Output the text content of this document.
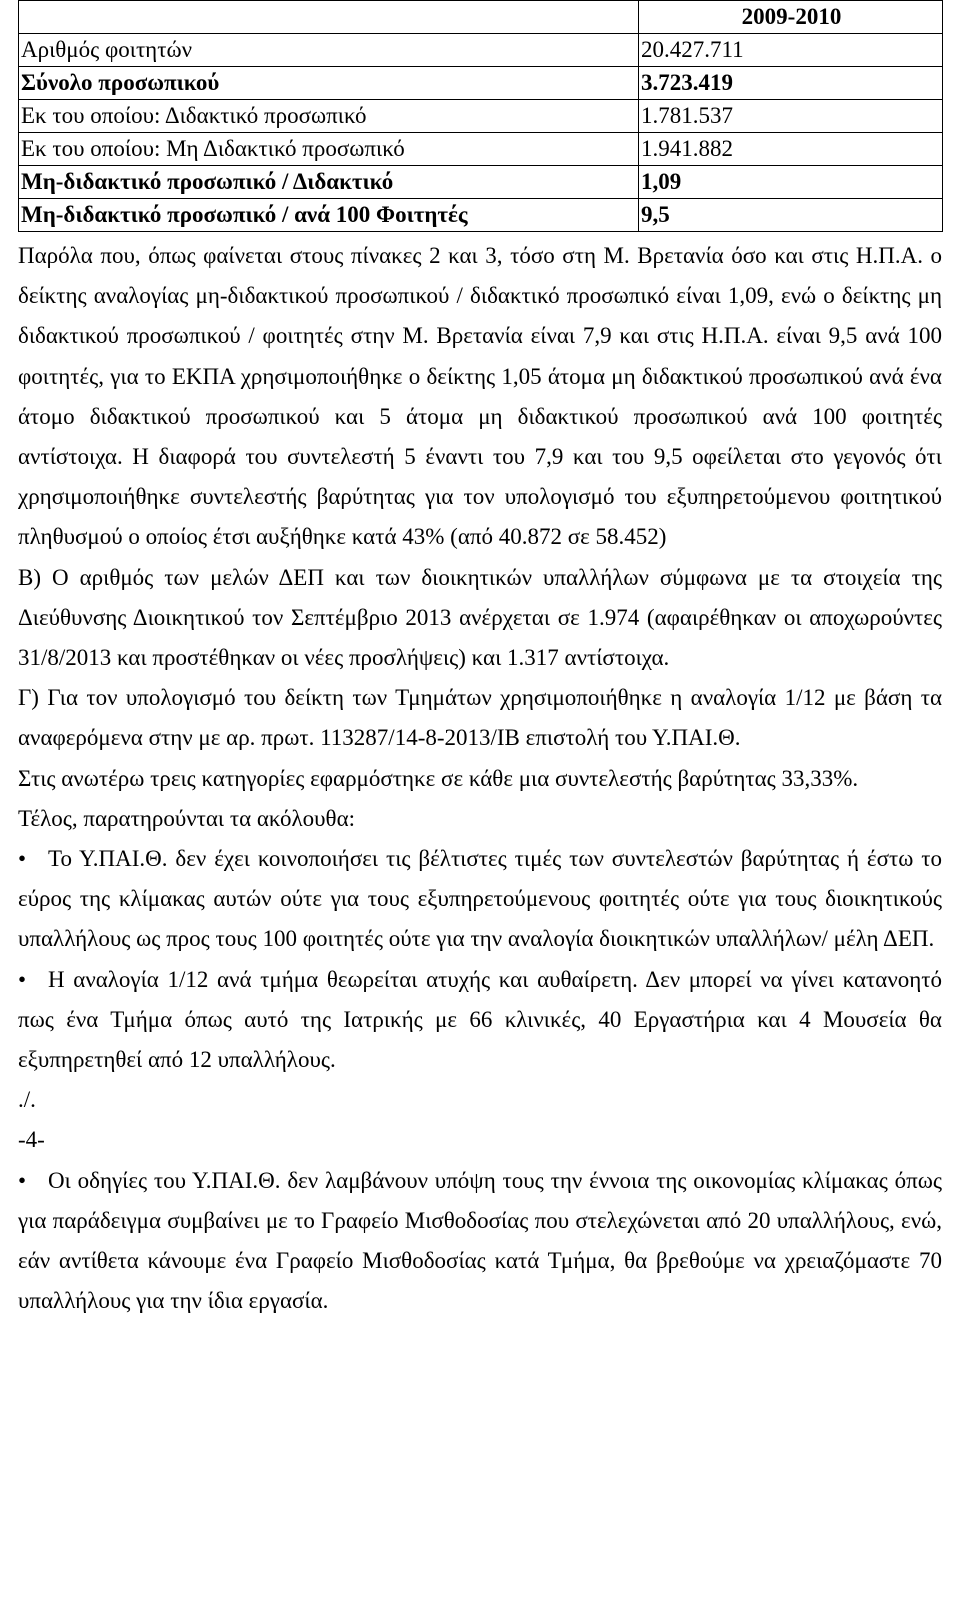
	2009-2010
Αριθμός φοιτητών	20.427.711
Σύνολο προσωπικού	3.723.419
Εκ του οποίου: Διδακτικό προσωπικό	1.781.537
Εκ του οποίου: Μη Διδακτικό προσωπικό	1.941.882
Μη-διδακτικό προσωπικό / Διδακτικό	1,09
Μη-διδακτικό προσωπικό / ανά 100 Φοιτητές	9,5

Παρόλα που, όπως φαίνεται στους πίνακες 2 και 3, τόσο στη Μ. Βρετανία όσο και στις Η.Π.Α. ο δείκτης αναλογίας μη-διδακτικού προσωπικού / διδακτικό προσωπικό είναι 1,09, ενώ ο δείκτης μη διδακτικού προσωπικού / φοιτητές στην Μ. Βρετανία είναι 7,9 και στις Η.Π.Α. είναι 9,5 ανά 100 φοιτητές, για το ΕΚΠΑ χρησιμοποιήθηκε ο δείκτης 1,05 άτομα μη διδακτικού προσωπικού ανά ένα άτομο διδακτικού προσωπικού και 5 άτομα μη διδακτικού προσωπικού ανά 100 φοιτητές αντίστοιχα. Η διαφορά του συντελεστή 5 έναντι του 7,9 και του 9,5 οφείλεται στο γεγονός ότι χρησιμοποιήθηκε συντελεστής βαρύτητας για τον υπολογισμό του εξυπηρετούμενου φοιτητικού πληθυσμού ο οποίος έτσι αυξήθηκε κατά 43% (από 40.872 σε 58.452)

Β) Ο αριθμός των μελών ΔΕΠ και των διοικητικών υπαλλήλων σύμφωνα με τα στοιχεία της Διεύθυνσης Διοικητικού τον Σεπτέμβριο 2013 ανέρχεται σε 1.974 (αφαιρέθηκαν οι αποχωρούντες 31/8/2013 και προστέθηκαν οι νέες προσλήψεις) και 1.317 αντίστοιχα.

Γ) Για τον υπολογισμό του δείκτη των Τμημάτων χρησιμοποιήθηκε η αναλογία 1/12 με βάση τα αναφερόμενα στην με αρ. πρωτ. 113287/14-8-2013/ΙΒ επιστολή του Υ.ΠΑΙ.Θ.

Στις ανωτέρω τρεις κατηγορίες εφαρμόστηκε σε κάθε μια συντελεστής βαρύτητας 33,33%.

Τέλος, παρατηρούνται τα ακόλουθα:

• Το Υ.ΠΑΙ.Θ. δεν έχει κοινοποιήσει τις βέλτιστες τιμές των συντελεστών βαρύτητας ή έστω το εύρος της κλίμακας αυτών ούτε για τους εξυπηρετούμενους φοιτητές ούτε για τους διοικητικούς υπαλλήλους ως προς τους 100 φοιτητές ούτε για την αναλογία διοικητικών υπαλλήλων/ μέλη ΔΕΠ.

• Η αναλογία 1/12 ανά τμήμα θεωρείται ατυχής και αυθαίρετη. Δεν μπορεί να γίνει κατανοητό πως ένα Τμήμα όπως αυτό της Ιατρικής με 66 κλινικές, 40 Εργαστήρια και 4 Μουσεία θα εξυπηρετηθεί από 12 υπαλλήλους.

./.

-4-

• Οι οδηγίες του Υ.ΠΑΙ.Θ. δεν λαμβάνουν υπόψη τους την έννοια της οικονομίας κλίμακας όπως για παράδειγμα συμβαίνει με το Γραφείο Μισθοδοσίας που στελεχώνεται από 20 υπαλλήλους, ενώ, εάν αντίθετα κάνουμε ένα Γραφείο Μισθοδοσίας κατά Τμήμα, θα βρεθούμε να χρειαζόμαστε 70 υπαλλήλους για την ίδια εργασία.
